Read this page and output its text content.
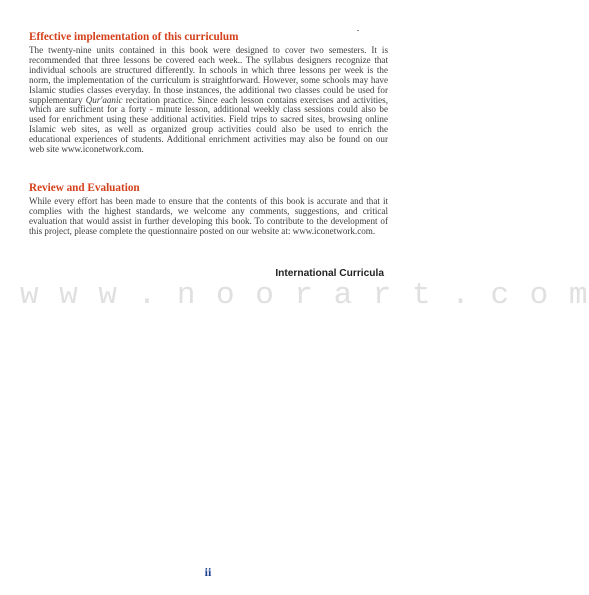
Effective implementation of this curriculum
The twenty-nine units contained in this book were designed to cover two semesters. It is recommended that three lessons be covered each week.. The syllabus designers recognize that individual schools are structured differently. In schools in which three lessons per week is the norm, the implementation of the curriculum is straightforward. However, some schools may have Islamic studies classes everyday. In those instances, the additional two classes could be used for supplementary Qur'aanic recitation practice. Since each lesson contains exercises and activities, which are sufficient for a forty - minute lesson, additional weekly class sessions could also be used for enrichment using these additional activities. Field trips to sacred sites, browsing online Islamic web sites, as well as organized group activities could also be used to enrich the educational experiences of students. Additional enrichment activities may also be found on our web site www.iconetwork.com.
Review and Evaluation
While every effort has been made to ensure that the contents of this book is accurate and that it complies with the highest standards, we welcome any comments, suggestions, and critical evaluation that would assist in further developing this book. To contribute to the development of this project, please complete the questionnaire posted on our website at: www.iconetwork.com.
International Curricula
w w w . n o o r a r t . c o m
ii
